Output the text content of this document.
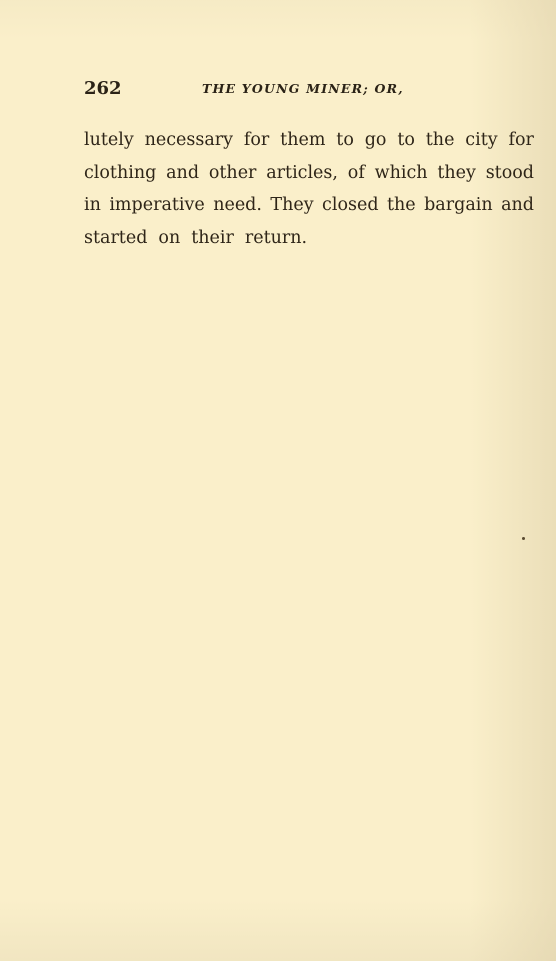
262	THE YOUNG MINER; OR,
lutely necessary for them to go to the city for
clothing and other articles, of which they stood
in imperative need. They closed the bargain and
started on their return.
